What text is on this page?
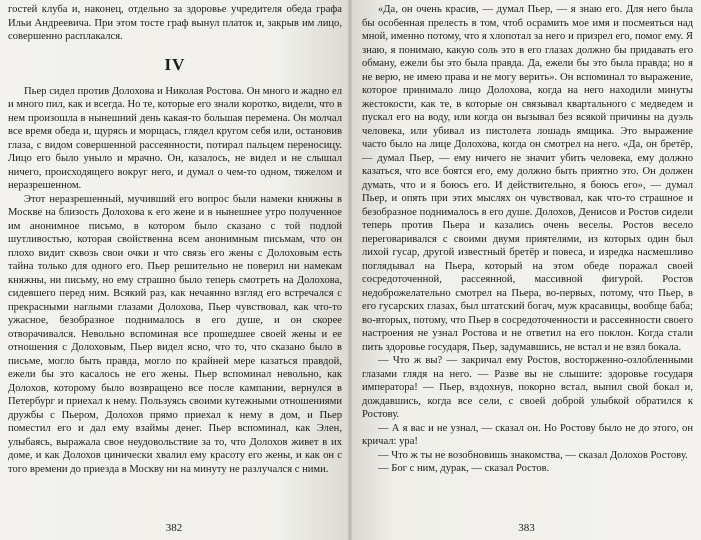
гостей клуба и, наконец, отдельно за здоровье учредителя обеда графа Ильи Андреевича. При этом тосте граф вынул платок и, закрыв им лицо, совершенно расплакался.

IV

Пьер сидел против Долохова и Николая Ростова. Он много и жадно ел и много пил, как и всегда. Но те, которые его знали коротко, видели, что в нем произошла в нынешний день какая-то большая перемена. Он молчал все время обеда и, щурясь и морщась, глядел кругом себя или, остановив глаза, с видом совершенной рассеянности, потирал пальцем переносицу. Лицо его было уныло и мрачно. Он, казалось, не видел и не слышал ничего, происходящего вокруг него, и думал о чем-то одном, тяжелом и неразрешенном.

Этот неразрешенный, мучивший его вопрос были намеки княжны в Москве на близость Долохова к его жене и в нынешнее утро полученное им анонимное письмо, в котором было сказано с той подлой шутливостью, которая свойственна всем анонимным письмам, что он плохо видит сквозь свои очки и что связь его жены с Долоховым есть тайна только для одного его. Пьер решительно не поверил ни намекам княжны, ни письму, но ему страшно было теперь смотреть на Долохова, сидевшего перед ним. Всякий раз, как нечаянно взгляд его встречался с прекрасными наглыми глазами Долохова, Пьер чувствовал, как что-то ужасное, безобразное поднималось в его душе, и он скорее отворачивался. Невольно вспоминая все прошедшее своей жены и ее отношения с Долоховым, Пьер видел ясно, что то, что сказано было в письме, могло быть правда, могло по крайней мере казаться правдой, ежели бы это касалось не его жены. Пьер вспоминал невольно, как Долохов, которому было возвращено все после кампании, вернулся в Петербург и приехал к нему. Пользуясь своими кутежными отношениями дружбы с Пьером, Долохов прямо приехал к нему в дом, и Пьер поместил его и дал ему взаймы денег. Пьер вспоминал, как Элен, улыбаясь, выражала свое неудовольствие за то, что Долохов живет в их доме, и как Долохов цинически хвалил ему красоту его жены, и как он с того времени до приезда в Москву ни на минуту не разлучался с ними.

382

«Да, он очень красив, — думал Пьер, — я знаю его. Для него была бы особенная прелесть в том, чтоб осрамить мое имя и посмеяться над мной, именно потому, что я хлопотал за него и призрел его, помог ему. Я знаю, я понимаю, какую соль это в его глазах должно бы придавать его обману, ежели бы это была правда. Да, ежели бы это была правда; но я не верю, не имею права и не могу верить». Он вспоминал то выражение, которое принимало лицо Долохова, когда на него находили минуты жестокости, как те, в которые он связывал квартального с медведем и пускал его на воду, или когда он вызывал без всякой причины на дуэль человека, или убивал из пистолета лошадь ямщика. Это выражение часто было на лице Долохова, когда он смотрел на него. «Да, он бретёр, — думал Пьер, — ему ничего не значит убить человека, ему должно казаться, что все боятся его, ему должно быть приятно это. Он должен думать, что и я боюсь его. И действительно, я боюсь его», — думал Пьер, и опять при этих мыслях он чувствовал, как что-то страшное и безобразное поднималось в его душе. Долохов, Денисов и Ростов сидели теперь против Пьера и казались очень веселы. Ростов весело переговаривался с своими двумя приятелями, из которых один был лихой гусар, другой известный бретёр и повеса, и изредка насмешливо поглядывал на Пьера, который на этом обеде поражал своей сосредоточенной, рассеянной, массивной фигурой. Ростов недоброжелательно смотрел на Пьера, во-первых, потому, что Пьер, в его гусарских глазах, был штатский богач, муж красавицы, вообще баба; во-вторых, потому, что Пьер в сосредоточенности и рассеянности своего настроения не узнал Ростова и не ответил на его поклон. Когда стали пить здоровье государя, Пьер, задумавшись, не встал и не взял бокала.

— Что ж вы? — закричал ему Ростов, восторженно-озлобленными глазами глядя на него. — Разве вы не слышите: здоровье государя императора! — Пьер, вздохнув, покорно встал, выпил свой бокал и, дождавшись, когда все сели, с своей доброй улыбкой обратился к Ростову.

— А я вас и не узнал, — сказал он. Но Ростову было не до этого, он кричал: ура!

— Что ж ты не возобновишь знакомства, — сказал Долохов Ростову.

— Бог с ним, дурак, — сказал Ростов.

383
